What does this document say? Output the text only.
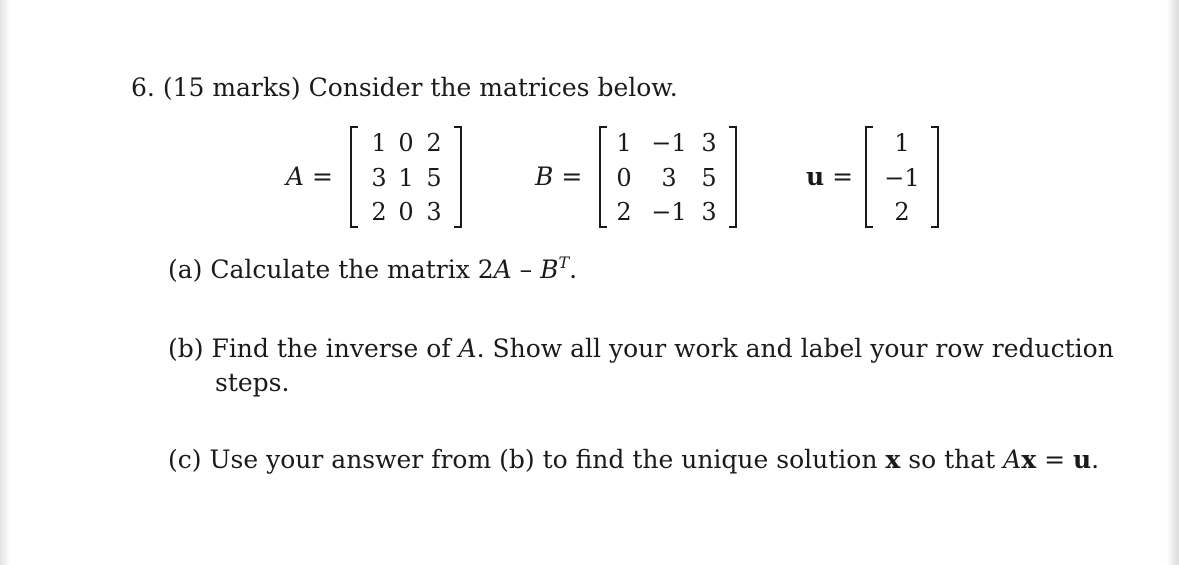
6. (15 marks) Consider the matrices below.
A =
1 0 2
3 1 5
2 0 3
B =
1 −1 3
0	3	5
2 −1 3
u =
1
−1
2
(a) Calculate the matrix $2A - B^T$.
(b) Find the inverse of A. Show all your work and label your row reduction
steps.
(c) Use your answer from (b) to find the unique solution x so that Ax = u.
